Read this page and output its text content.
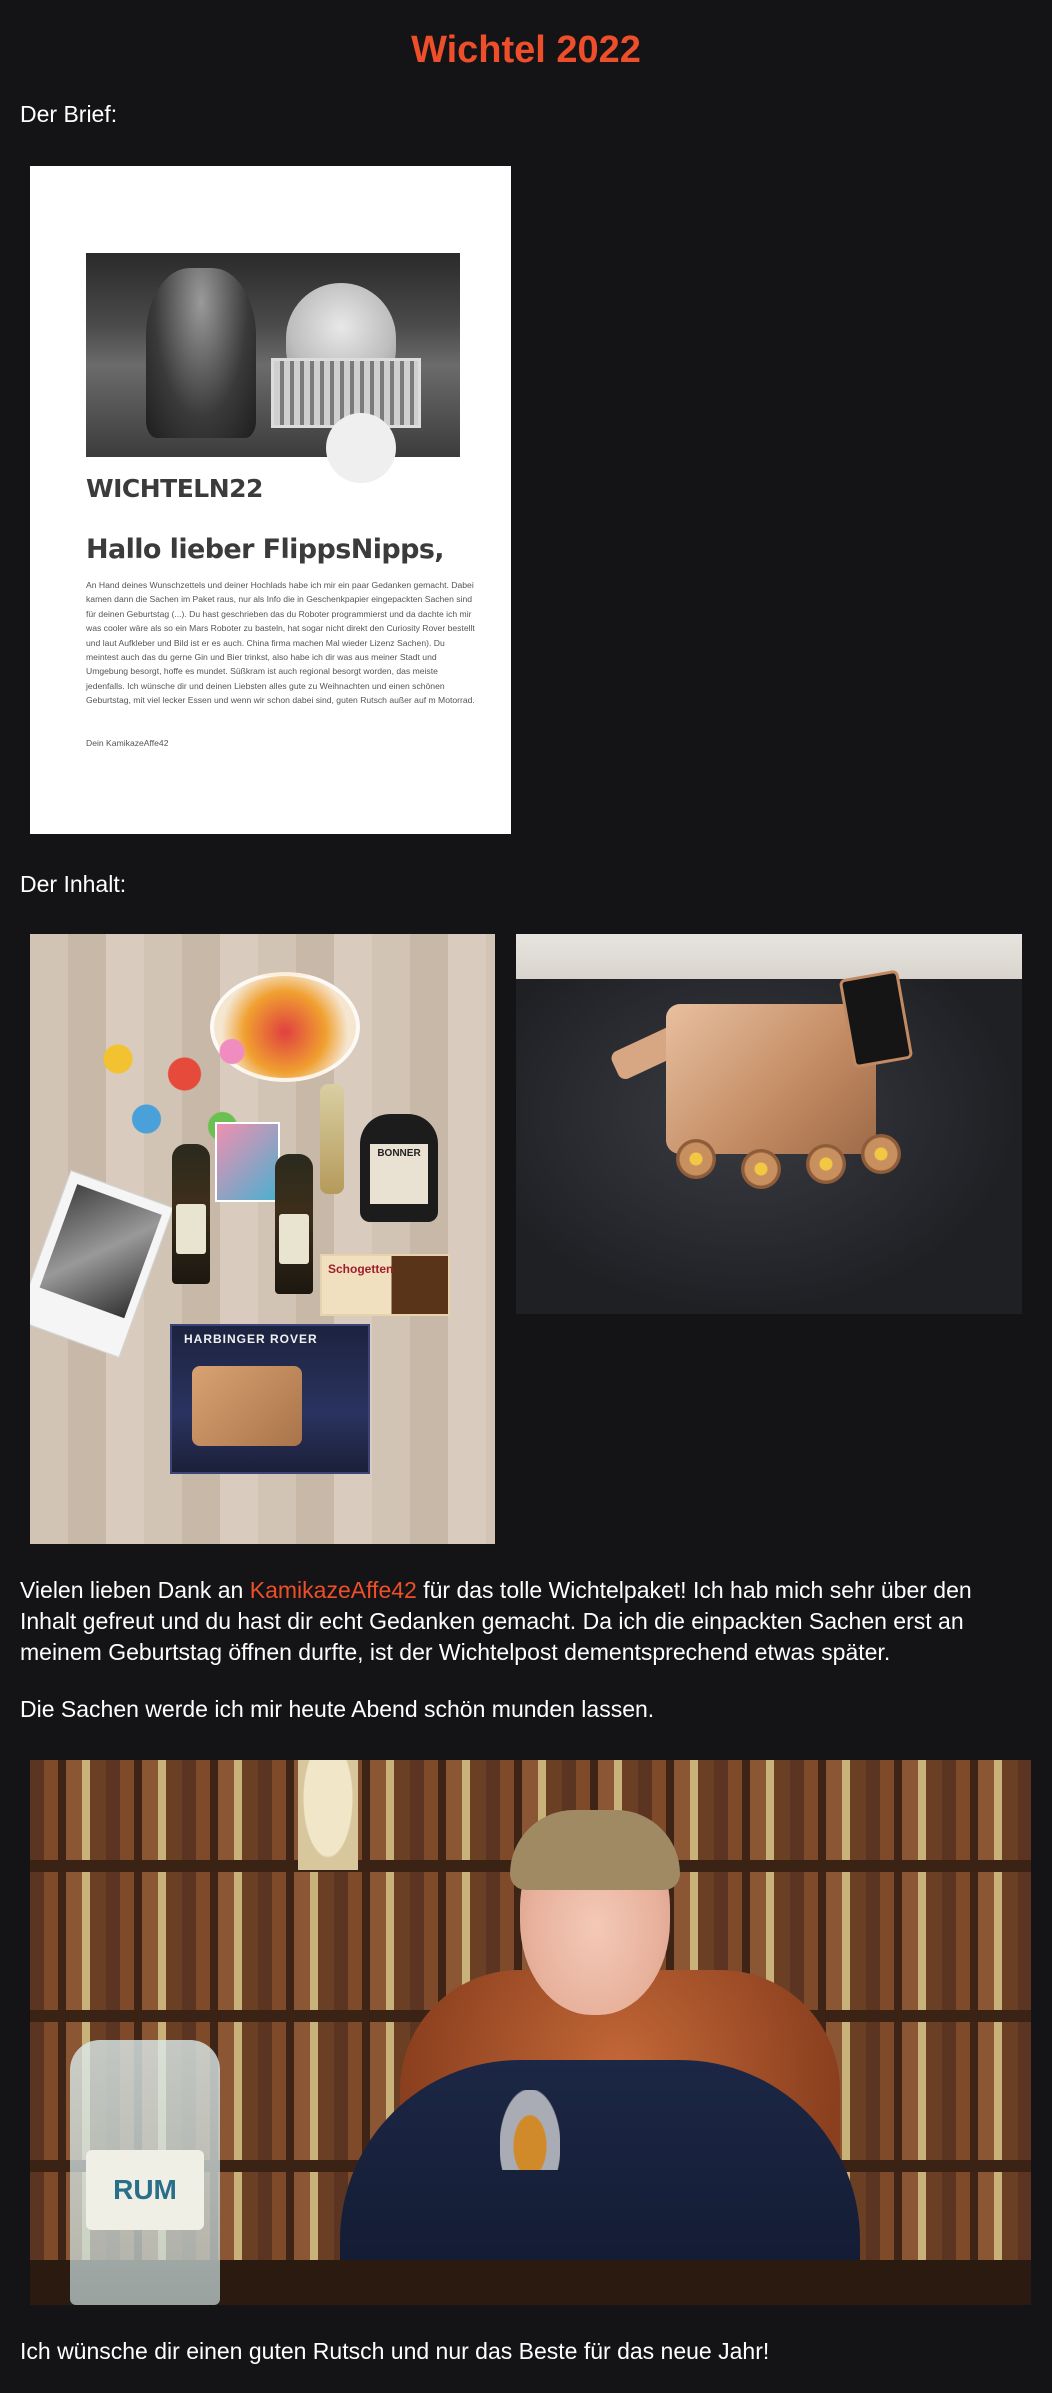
Wichtel 2022
Der Brief:
WICHTELN22
Hallo lieber FlippsNipps,
An Hand deines Wunschzettels und deiner Hochlads habe ich mir ein paar Gedanken gemacht. Dabei kamen dann die Sachen im Paket raus, nur als Info die in Geschenkpapier eingepackten Sachen sind für deinen Geburtstag (...). Du hast geschrieben das du Roboter programmierst und da dachte ich mir was cooler wäre als so ein Mars Roboter zu basteln, hat sogar nicht direkt den Curiosity Rover bestellt und laut Aufkleber und Bild ist er es auch. China firma machen Mal wieder Lizenz Sachen). Du meintest auch das du gerne Gin und Bier trinkst, also habe ich dir was aus meiner Stadt und Umgebung besorgt, hoffe es mundet. Süßkram ist auch regional besorgt worden, das meiste jedenfalls. Ich wünsche dir und deinen Liebsten alles gute zu Weihnachten und einen schönen Geburtstag, mit viel lecker Essen und wenn wir schon dabei sind, guten Rutsch außer auf m Motorrad.
Dein KamikazeAffe42
Der Inhalt:
BONNER
Schogetten
HARBINGER ROVER
Vielen lieben Dank an KamikazeAffe42 für das tolle Wichtelpaket! Ich hab mich sehr über den Inhalt gefreut und du hast dir echt Gedanken gemacht. Da ich die einpackten Sachen erst an meinem Geburtstag öffnen durfte, ist der Wichtelpost dementsprechend etwas später.
Die Sachen werde ich mir heute Abend schön munden lassen.
RUM
Ich wünsche dir einen guten Rutsch und nur das Beste für das neue Jahr!
